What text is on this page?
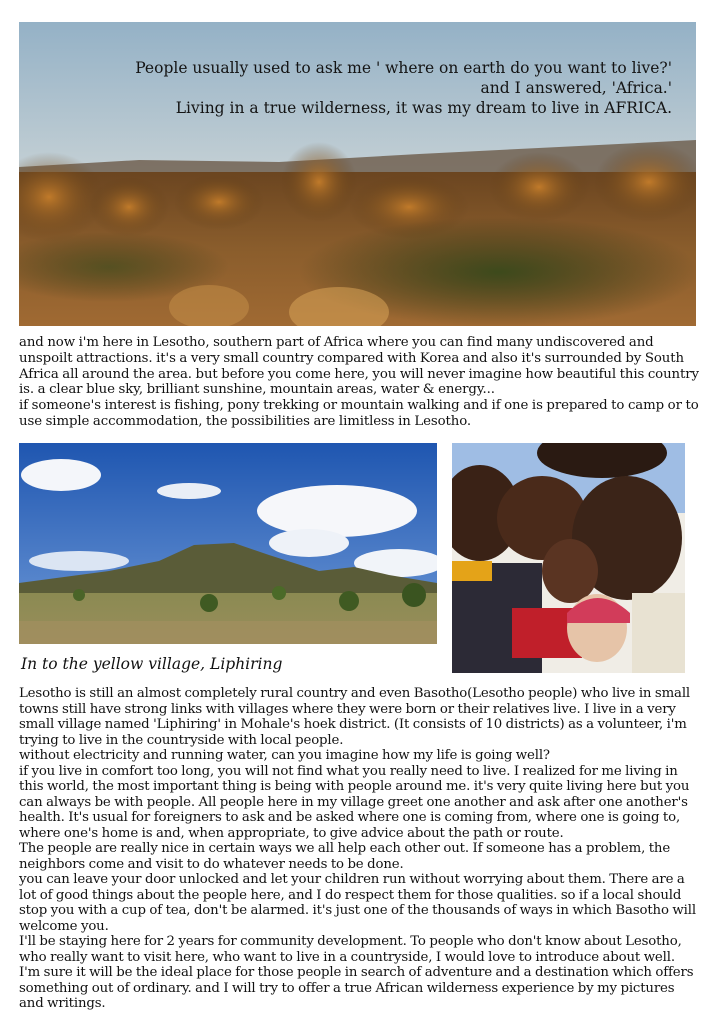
People usually used to ask me ' where on earth do you want to live?'
and I answered, 'Africa.'
Living in a true wilderness, it was my dream to live in AFRICA.
and now i'm here in Lesotho, southern part of Africa where you can find many undiscovered and unspoilt attractions. it's a very small country compared with Korea and also it's surrounded by South Africa all around the area. but before you come here, you will never imagine how beautiful this country is. a clear blue sky, brilliant sunshine, mountain areas, water & energy...
if someone's interest is fishing, pony trekking or mountain walking and if one is prepared to camp or to use simple accommodation, the possibilities are limitless in Lesotho.
In to the yellow village, Liphiring
Lesotho is still an almost completely rural country and even Basotho(Lesotho people) who live in small towns still have strong links with villages where they were born or their relatives live. I live in a very small village named 'Liphiring' in Mohale's hoek district. (It consists of 10 districts) as a volunteer, i'm trying to live in the countryside with local people.
without electricity and running water, can you imagine how my life is going well?
if you live in comfort too long, you will not find what you really need to live. I realized for me living in this world, the most important thing is being with people around me. it's very quite living here but you can always be with people. All people here in my village greet one another and ask after one another's health. It's usual for foreigners to ask and be asked where one is coming from, where one is going to, where one's home is and, when appropriate, to give advice about the path or route.
The people are really nice in certain ways we all help each other out. If someone has a problem, the neighbors come and visit to do whatever needs to be done.
you can leave your door unlocked and let your children run without worrying about them. There are a lot of good things about the people here, and I do respect them for those qualities. so if a local should stop you with a cup of tea, don't be alarmed. it's just one of the thousands of ways in which Basotho will welcome you.
I'll be staying here for 2 years for community development. To people who don't know about Lesotho, who really want to visit here, who want to live in a countryside, I would love to introduce about well. I'm sure it will be the ideal place for those people in search of adventure and a destination which offers something out of ordinary. and I will try to offer a true African wilderness experience by my pictures and writings.
